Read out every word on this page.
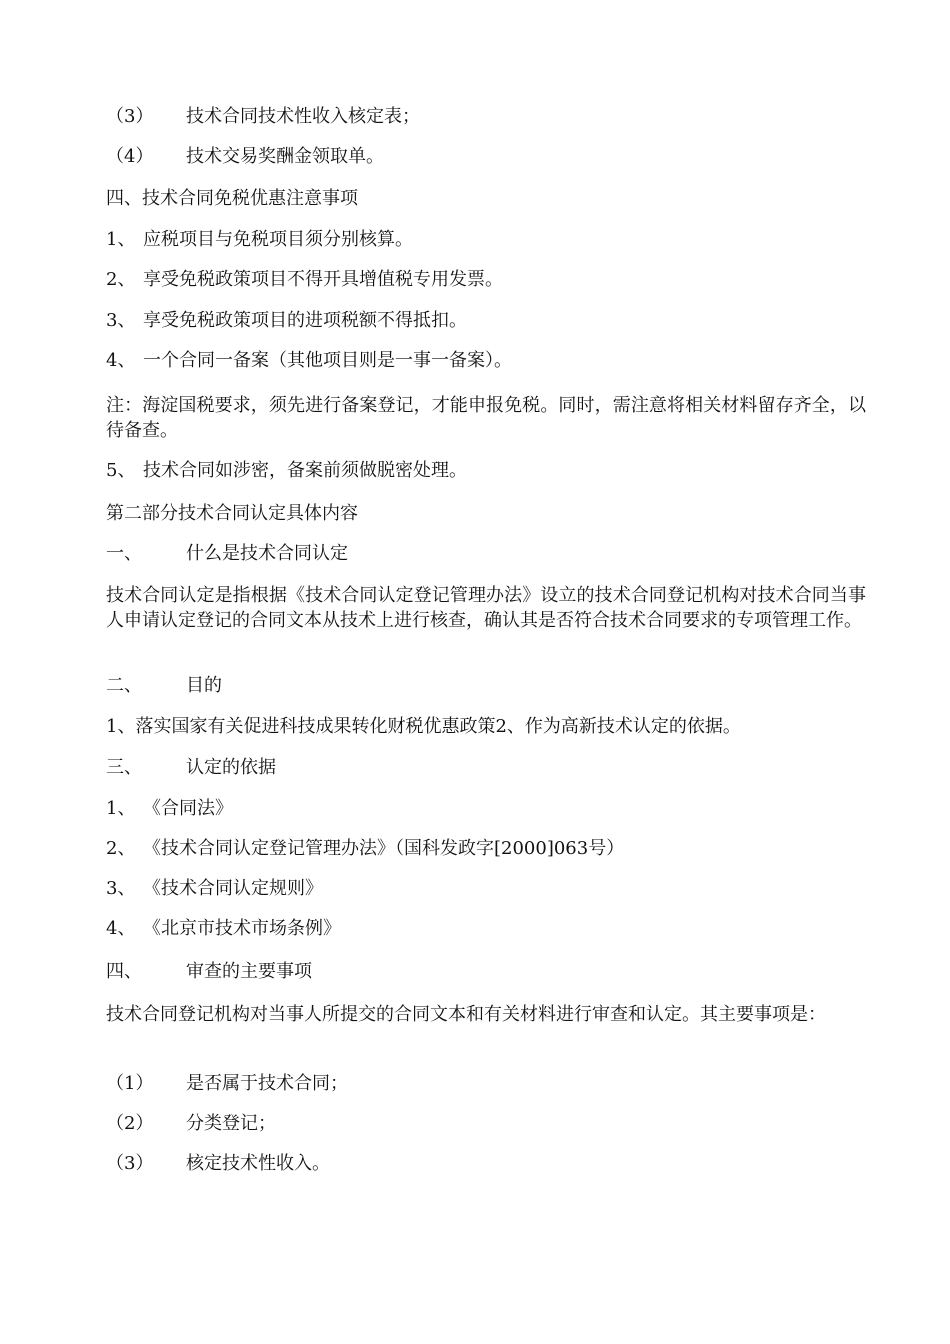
（3） 技术合同技术性收入核定表；
（4） 技术交易奖酬金领取单。
四、技术合同免税优惠注意事项
1、 应税项目与免税项目须分别核算。
2、 享受免税政策项目不得开具增值税专用发票。
3、 享受免税政策项目的进项税额不得抵扣。
4、 一个合同一备案（其他项目则是一事一备案）。
注：海淀国税要求，须先进行备案登记，才能申报免税。同时，需注意将相关材料留存齐全，以待备查。
5、 技术合同如涉密，备案前须做脱密处理。
第二部分技术合同认定具体内容
一、 什么是技术合同认定
技术合同认定是指根据《技术合同认定登记管理办法》设立的技术合同登记机构对技术合同当事人申请认定登记的合同文本从技术上进行核查，确认其是否符合技术合同要求的专项管理工作。
二、 目的
1、落实国家有关促进科技成果转化财税优惠政策2、作为高新技术认定的依据。
三、 认定的依据
1、 《合同法》
2、 《技术合同认定登记管理办法》（国科发政字[2000]063号）
3、 《技术合同认定规则》
4、 《北京市技术市场条例》
四、 审查的主要事项
技术合同登记机构对当事人所提交的合同文本和有关材料进行审查和认定。其主要事项是：
（1） 是否属于技术合同；
（2） 分类登记；
（3） 核定技术性收入。
